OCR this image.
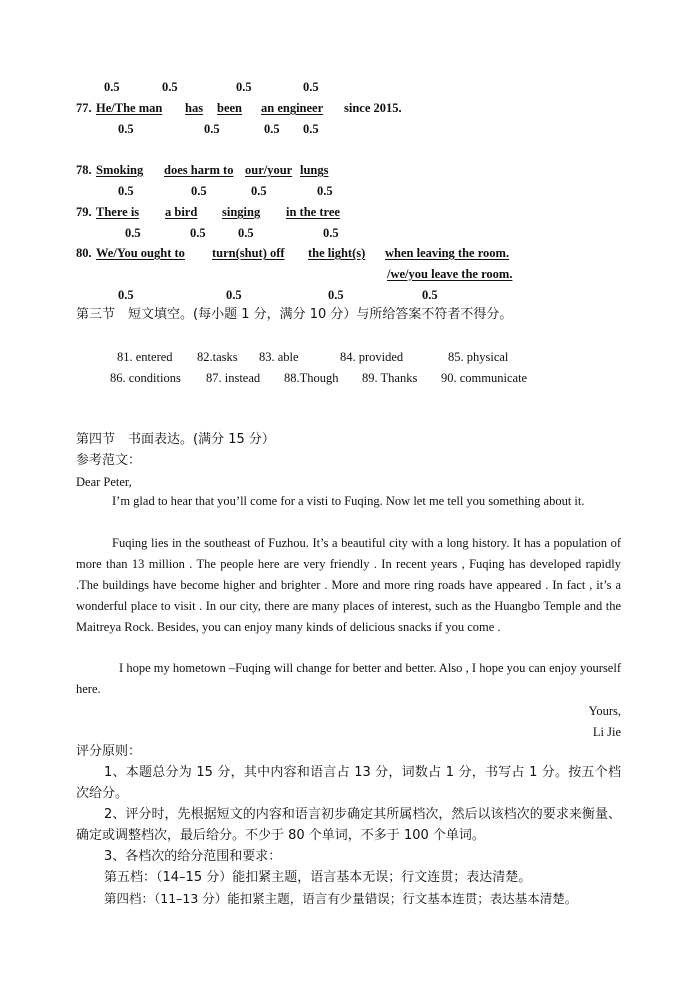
0.5	0.5	0.5	0.5
77. He/The man has been an engineer since 2015.
0.5	0.5	0.5 0.5
78. Smoking does harm to our/your lungs
0.5	0.5	0.5	0.5
79. There is a bird singing in the tree
0.5	0.5	0.5	0.5
80. We/You ought to turn(shut) off the light(s) when leaving the room.
/we/you leave the room.
0.5	0.5	0.5	0.5
第三节　短文填空。(每小题 1 分，满分 10 分）与所给答案不符者不得分。
81. entered 82.tasks 83. able	84. provided	85. physical
86. conditions 87. instead 88.Though 89. Thanks 90. communicate
第四节　书面表达。(满分 15 分）
参考范文：
Dear Peter,
I’m glad to hear that you’ll come for a visti to Fuqing. Now let me tell you something about it.
Fuqing lies in the southeast of Fuzhou. It’s a beautiful city with a long history. It has a population of more than 13 million . The people here are very friendly . In recent years , Fuqing has developed rapidly .The buildings have become higher and brighter . More and more ring roads have appeared . In fact , it’s a wonderful place to visit . In our city, there are many places of interest, such as the Huangbo Temple and the Maitreya Rock. Besides, you can enjoy many kinds of delicious snacks if you come .
I hope my hometown –Fuqing will change for better and better. Also , I hope you can enjoy yourself here.
Yours,
Li Jie
评分原则：
1、本题总分为 15 分，其中内容和语言占 13 分，词数占 1 分，书写占 1 分。按五个档次给分。
2、评分时，先根据短文的内容和语言初步确定其所属档次，然后以该档次的要求来衡量、确定或调整档次，最后给分。不少于 80 个单词，不多于 100 个单词。
3、各档次的给分范围和要求：
第五档：（14–15 分）能扣紧主题，语言基本无误；行文连贯；表达清楚。
第四档：（11–13 分）能扣紧主题，语言有少量错误；行文基本连贯；表达基本清楚。
